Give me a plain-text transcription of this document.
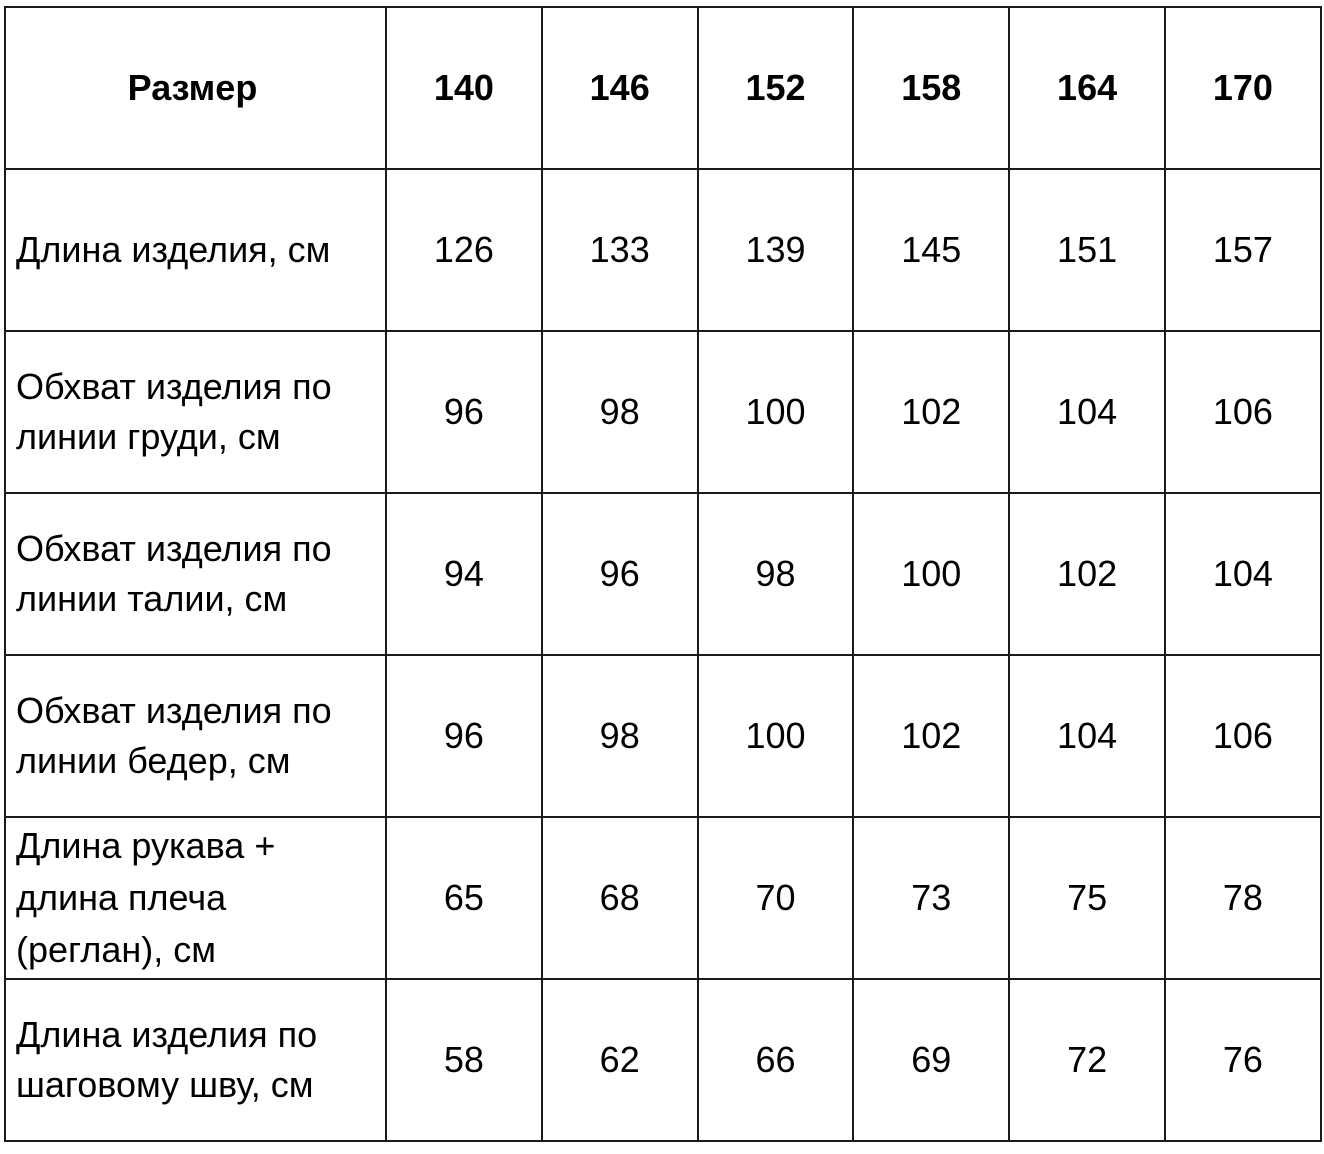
Размер	140	146	152	158	164	170
Длина изделия, см	126	133	139	145	151	157
Обхват изделия по
линии груди, см	96	98	100	102	104	106
Обхват изделия по
линии талии, см	94	96	98	100	102	104
Обхват изделия по
линии бедер, см	96	98	100	102	104	106
Длина рукава +
длина плеча
(реглан), см	65	68	70	73	75	78
Длина изделия по
шаговому шву, см	58	62	66	69	72	76
